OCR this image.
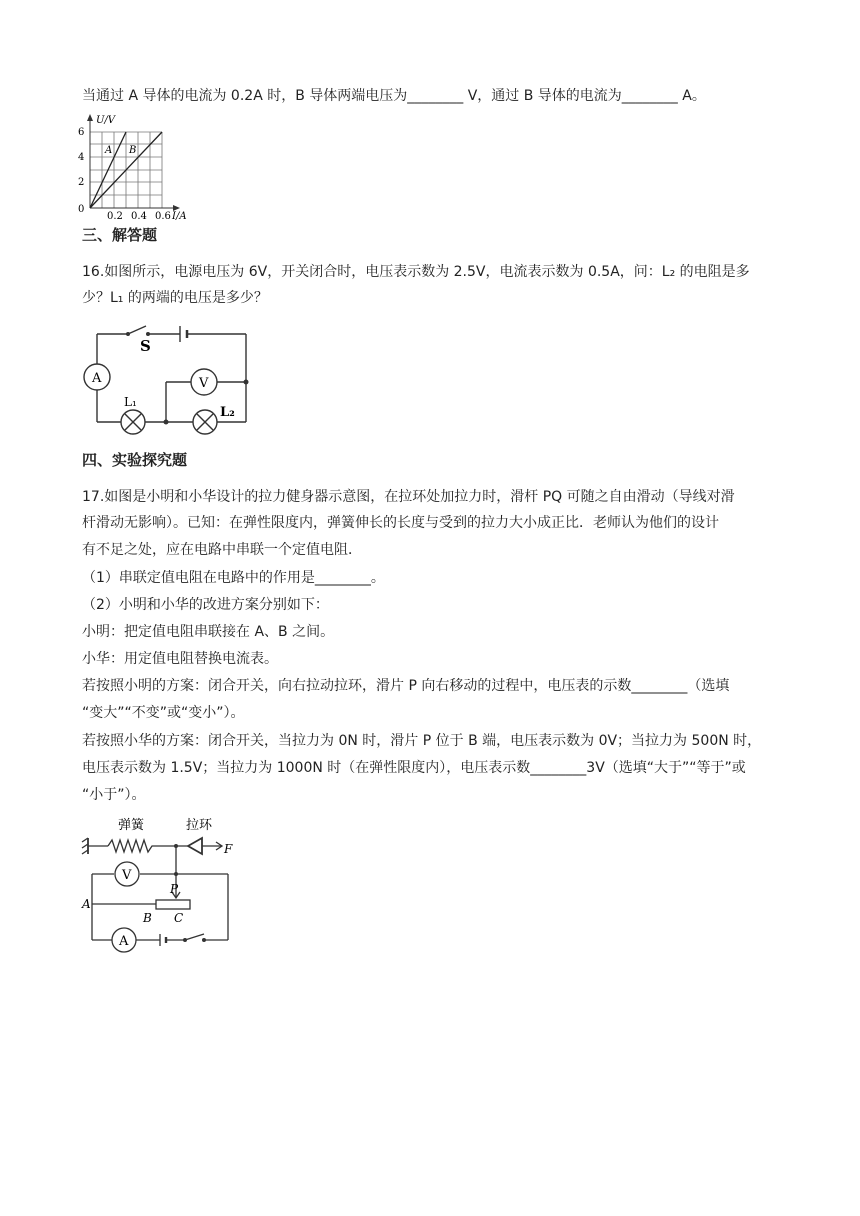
当通过 A 导体的电流为 0.2A 时，B 导体两端电压为________ V，通过 B 导体的电流为________ A。
U/V
6
4
2
0
0.2 0.4 0.6 I/A
A B
三、解答题
16.如图所示，电源电压为 6V，开关闭合时，电压表示数为 2.5V，电流表示数为 0.5A，问：L₂ 的电阻是多
少？L₁ 的两端的电压是多少？
S
A	V
L₁
L₂
四、实验探究题
17.如图是小明和小华设计的拉力健身器示意图，在拉环处加拉力时，滑杆 PQ 可随之自由滑动（导线对滑
杆滑动无影响）。已知：在弹性限度内，弹簧伸长的长度与受到的拉力大小成正比．老师认为他们的设计
有不足之处，应在电路中串联一个定值电阻．
（1）串联定值电阻在电路中的作用是________。
（2）小明和小华的改进方案分别如下：
小明：把定值电阻串联接在 A、B 之间。
小华：用定值电阻替换电流表。
若按照小明的方案：闭合开关，向右拉动拉环，滑片 P 向右移动的过程中，电压表的示数________（选填
“变大”“不变”或“变小”）。
若按照小华的方案：闭合开关，当拉力为 0N 时，滑片 P 位于 B 端，电压表示数为 0V；当拉力为 500N 时，
电压表示数为 1.5V；当拉力为 1000N 时（在弹性限度内），电压表示数________3V（选填“大于”“等于”或
“小于”）。
弹簧	拉环
F
V
A
A
B C
P
